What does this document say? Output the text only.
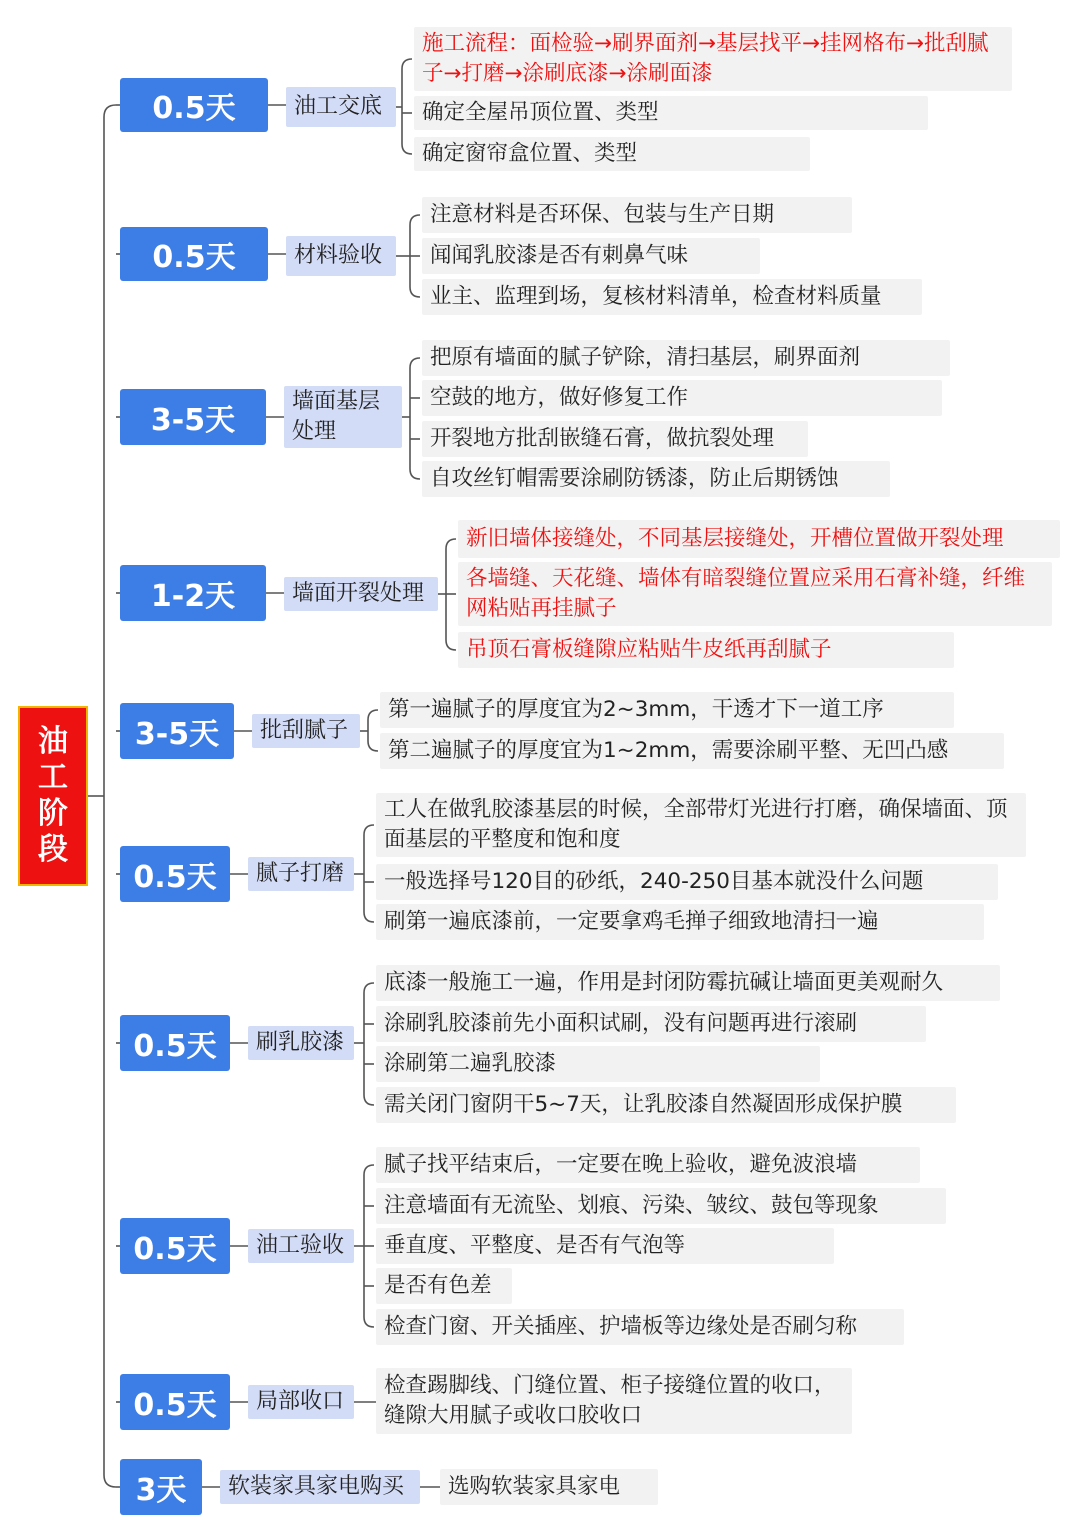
油
工
阶
段
0.5天	油工交底
施工流程：面检验→刷界面剂→基层找平→挂网格布→批刮腻子→打磨→涂刷底漆→涂刷面漆
确定全屋吊顶位置、类型
确定窗帘盒位置、类型
0.5天	材料验收
注意材料是否环保、包装与生产日期
闻闻乳胶漆是否有刺鼻气味
业主、监理到场，复核材料清单，检查材料质量
3-5天
墙面基层处理
把原有墙面的腻子铲除，清扫基层，刷界面剂
空鼓的地方，做好修复工作
开裂地方批刮嵌缝石膏，做抗裂处理
自攻丝钉帽需要涂刷防锈漆，防止后期锈蚀
1-2天	墙面开裂处理
新旧墙体接缝处，不同基层接缝处，开槽位置做开裂处理
各墙缝、天花缝、墙体有暗裂缝位置应采用石膏补缝，纤维网粘贴再挂腻子
吊顶石膏板缝隙应粘贴牛皮纸再刮腻子
3-5天	批刮腻子
第一遍腻子的厚度宜为2~3mm，干透才下一道工序
第二遍腻子的厚度宜为1~2mm，需要涂刷平整、无凹凸感
0.5天	腻子打磨
工人在做乳胶漆基层的时候，全部带灯光进行打磨，确保墙面、顶面基层的平整度和饱和度
一般选择号120目的砂纸，240-250目基本就没什么问题
刷第一遍底漆前，一定要拿鸡毛掸子细致地清扫一遍
0.5天	刷乳胶漆
底漆一般施工一遍，作用是封闭防霉抗碱让墙面更美观耐久
涂刷乳胶漆前先小面积试刷，没有问题再进行滚刷
涂刷第二遍乳胶漆
需关闭门窗阴干5~7天，让乳胶漆自然凝固形成保护膜
0.5天	油工验收
腻子找平结束后，一定要在晚上验收，避免波浪墙
注意墙面有无流坠、划痕、污染、皱纹、鼓包等现象
垂直度、平整度、是否有气泡等
是否有色差
检查门窗、开关插座、护墙板等边缘处是否刷匀称
0.5天	局部收口
检查踢脚线、门缝位置、柜子接缝位置的收口，缝隙大用腻子或收口胶收口
3天	软装家具家电购买	选购软装家具家电
